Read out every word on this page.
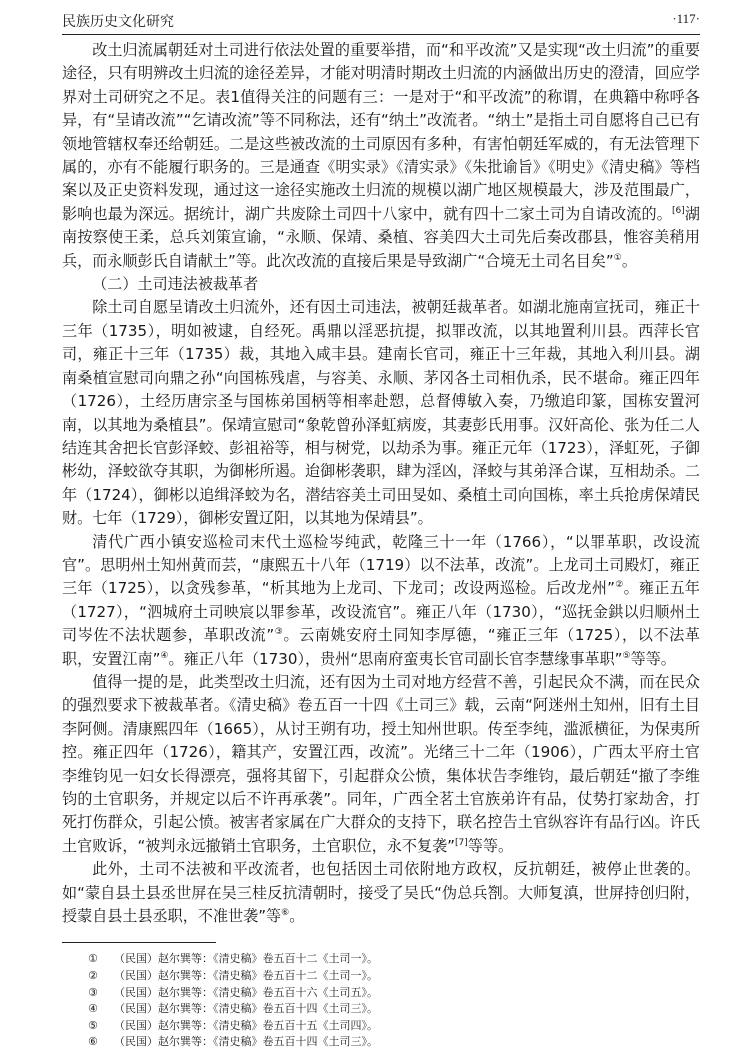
民族历史文化研究	·117·

改土归流属朝廷对土司进行依法处置的重要举措，而“和平改流”又是实现“改土归流”的重要途径，只有明辨改土归流的途径差异，才能对明清时期改土归流的内涵做出历史的澄清，回应学界对土司研究之不足。表1值得关注的问题有三：一是对于“和平改流”的称谓，在典籍中称呼各异，有“呈请改流”“乞请改流”等不同称法，还有“纳土”改流者。“纳土”是指土司自愿将自己已有领地管辖权奉还给朝廷。二是这些被改流的土司原因有多种，有害怕朝廷军威的，有无法管理下属的，亦有不能履行职务的。三是通查《明实录》《清实录》《朱批谕旨》《明史》《清史稿》等档案以及正史资料发现，通过这一途径实施改土归流的规模以湖广地区规模最大，涉及范围最广，影响也最为深远。据统计，湖广共废除土司四十八家中，就有四十二家土司为自请改流的。[6]湖南按察使王柔，总兵刘策宣谕，“永顺、保靖、桑植、容美四大土司先后奏改郡县，惟容美稍用兵，而永顺彭氏自请献土”等。此次改流的直接后果是导致湖广“合境无土司名目矣”①。

（二）土司违法被裁革者

除土司自愿呈请改土归流外，还有因土司违法，被朝廷裁革者。如湖北施南宣抚司，雍正十三年（1735），明如被逮，自经死。禹鼎以淫恶抗提，拟罪改流，以其地置利川县。西萍长官司，雍正十三年（1735）裁，其地入咸丰县。建南长官司，雍正十三年裁，其地入利川县。湖南桑植宣慰司向鼎之孙“向国栋残虐，与容美、永顺、茅冈各土司相仇杀，民不堪命。雍正四年（1726），土经历唐宗圣与国栋弟国柄等相率赴愬，总督傅敏入奏，乃缴追印篆，国栋安置河南，以其地为桑植县”。保靖宣慰司“象乾曾孙泽虹病废，其妻彭氏用事。汉奸高伦、张为任二人结连其舍把长官彭泽蛟、彭祖裕等，相与树党，以劫杀为事。雍正元年（1723），泽虹死，子御彬幼，泽蛟欲夺其职，为御彬所遏。迨御彬袭职，肆为淫凶，泽蛟与其弟泽合谋，互相劫杀。二年（1724），御彬以追缉泽蛟为名，潜结容美土司田旻如、桑植土司向国栋，率土兵抢虏保靖民财。七年（1729），御彬安置辽阳，以其地为保靖县”。

清代广西小镇安巡检司末代土巡检岑纯武，乾隆三十一年（1766），“以罪革职，改设流官”。思明州土知州黄而芸，“康熙五十八年（1719）以不法革，改流”。上龙司土司殿灯，雍正三年（1725），以贪残参革，“析其地为上龙司、下龙司；改设两巡检。后改龙州”②。雍正五年（1727），“泗城府土司映宸以罪参革，改设流官”。雍正八年（1730），“巡抚金鉷以归顺州土司岑佐不法状题参，革职改流”③。云南姚安府土同知李厚德，“雍正三年（1725），以不法革职，安置江南”④。雍正八年（1730），贵州“思南府蛮夷长官司副长官李慧缘事革职”⑤等等。

值得一提的是，此类型改土归流，还有因为土司对地方经营不善，引起民众不满，而在民众的强烈要求下被裁革者。《清史稿》卷五百一十四《土司三》载，云南“阿迷州土知州，旧有土目李阿侧。清康熙四年（1665），从讨王朔有功，授土知州世职。传至李纯，滥派横征，为保夷所控。雍正四年（1726），籍其产，安置江西，改流”。光绪三十二年（1906），广西太平府土官李维钧见一妇女长得漂亮，强将其留下，引起群众公愤，集体状告李维钧，最后朝廷“撤了李维钧的土官职务，并规定以后不许再承袭”。同年，广西全茗土官族弟许有品，仗势打家劫舍，打死打伤群众，引起公愤。被害者家属在广大群众的支持下，联名控告土官纵容许有品行凶。许氏土官败诉，“被判永远撤销土官职务，土官职位，永不复袭”[7]等等。

此外，土司不法被和平改流者，也包括因土司依附地方政权，反抗朝廷，被停止世袭的。如“蒙自县土县丞世屏在吴三桂反抗清朝时，接受了吴氏“伪总兵劄。大师复滇，世屏持创归附，授蒙自县土县丞职，不准世袭”等⑥。

① （民国）赵尔巽等：《清史稿》卷五百十二《土司一》。
② （民国）赵尔巽等：《清史稿》卷五百十二《土司一》。
③ （民国）赵尔巽等：《清史稿》卷五百十六《土司五》。
④ （民国）赵尔巽等：《清史稿》卷五百十四《土司三》。
⑤ （民国）赵尔巽等：《清史稿》卷五百十五《土司四》。
⑥ （民国）赵尔巽等：《清史稿》卷五百十四《土司三》。
